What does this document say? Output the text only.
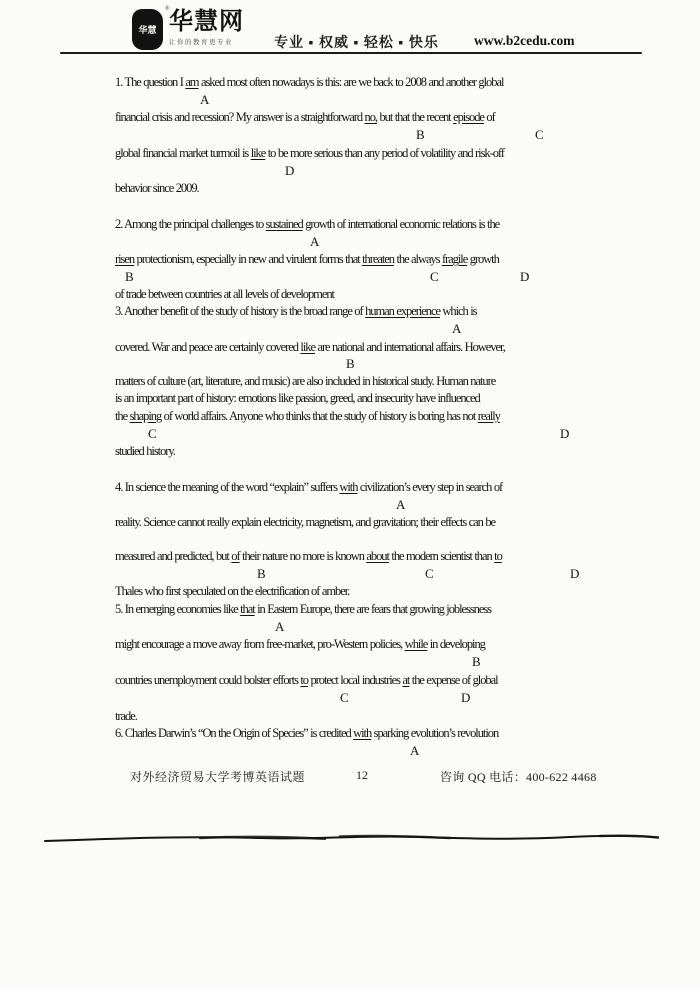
华慧 华慧网
让你的教育更专业
®
专业 ▪ 权威 ▪ 轻松 ▪ 快乐	www.b2cedu.com
1. The question I am asked most often nowadays is this: are we back to 2008 and another global
A
financial crisis and recession? My answer is a straightforward no, but that the recent episode of
B	C
global financial market turmoil is like to be more serious than any period of volatility and risk-off
D
behavior since 2009.
2. Among the principal challenges to sustained growth of international economic relations is the
A
risen protectionism, especially in new and virulent forms that threaten the always fragile growth
B	C	D
of trade between countries at all levels of development
3. Another benefit of the study of history is the broad range of human experience which is
A
covered. War and peace are certainly covered like are national and international affairs. However,
B
matters of culture (art, literature, and music) are also included in historical study. Human nature
is an important part of history: emotions like passion, greed, and insecurity have influenced
the shaping of world affairs. Anyone who thinks that the study of history is boring has not really
C	D
studied history.
4. In science the meaning of the word “explain” suffers with civilization’s every step in search of
A
reality. Science cannot really explain electricity, magnetism, and gravitation; their effects can be
measured and predicted, but of their nature no more is known about the modern scientist than to
B	C	D
Thales who first speculated on the electrification of amber.
5. In emerging economies like that in Eastern Europe, there are fears that growing joblessness
A
might encourage a move away from free-market, pro-Western policies, while in developing
B
countries unemployment could bolster efforts to protect local industries at the expense of global
C	D
trade.
6. Charles Darwin’s “On the Origin of Species” is credited with sparking evolution’s revolution
A
对外经济贸易大学考博英语试题	12	咨询 QQ 电话：400-622 4468
